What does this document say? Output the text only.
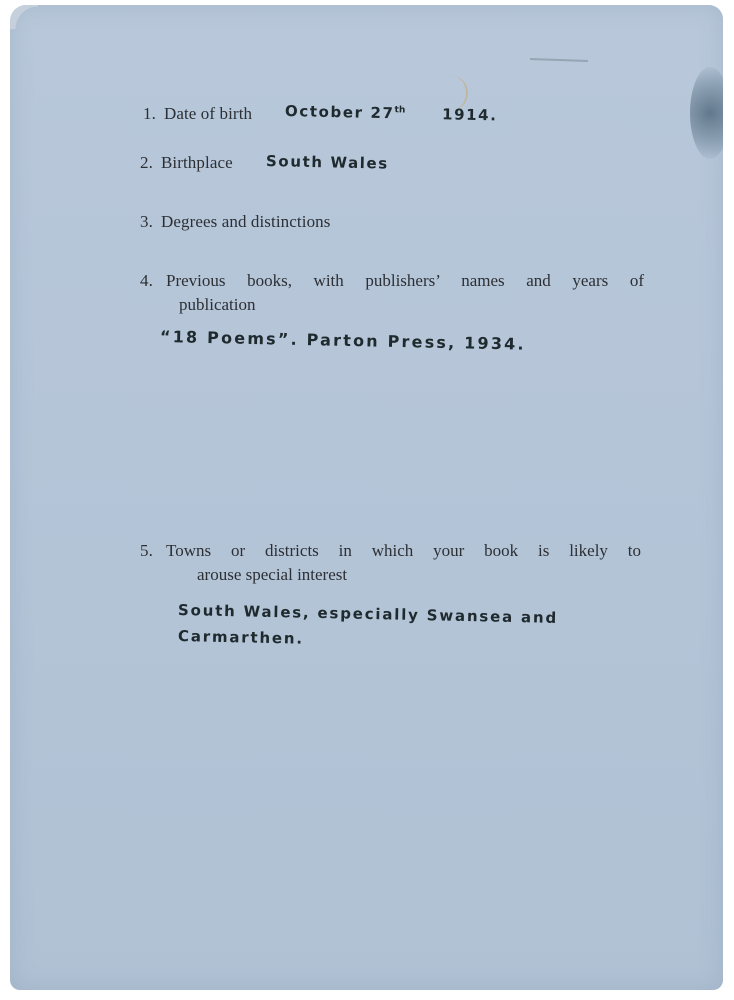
1. Date of birth October 27th 1914.
2. Birthplace South Wales
3. Degrees and distinctions
4. Previous books, with publishers’ names and years of
publication
“18 Poems”. Parton Press, 1934.
5. Towns or districts in which your book is likely to
arouse special interest
South Wales, especially Swansea and
Carmarthen.
